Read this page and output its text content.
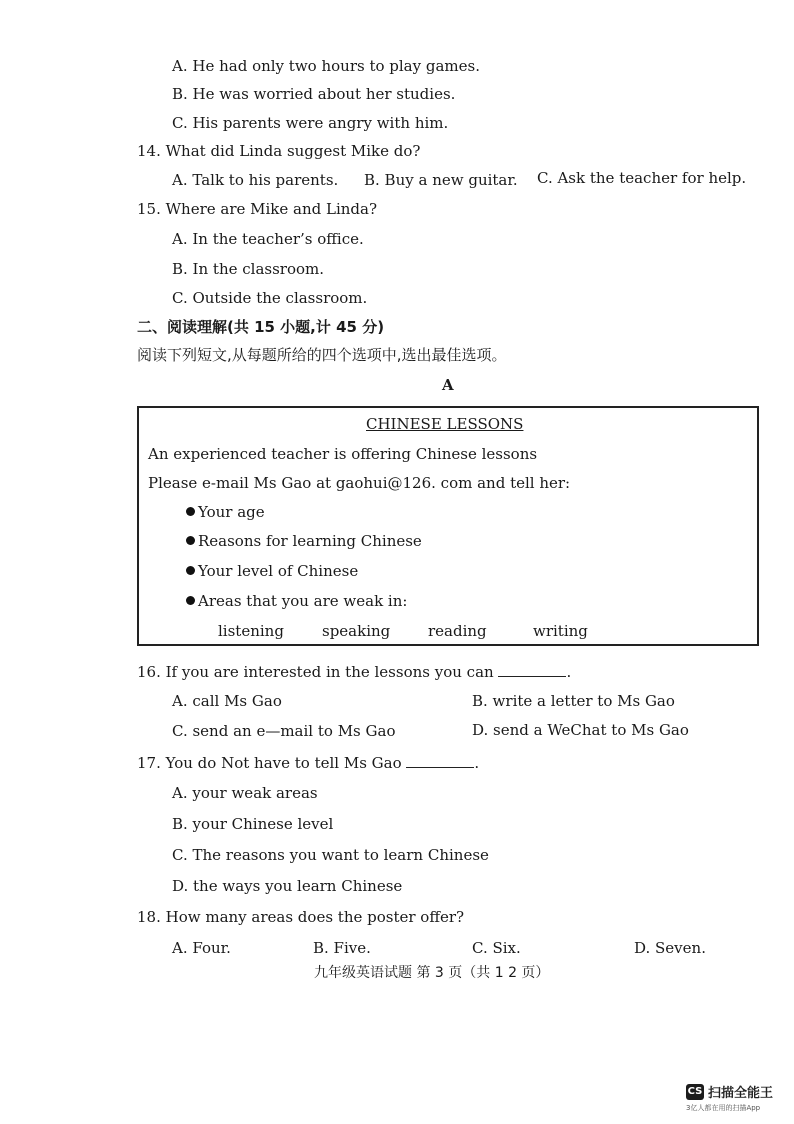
A. He had only two hours to play games.
B. He was worried about her studies.
C. His parents were angry with him.
14. What did Linda suggest Mike do?
A. Talk to his parents. B. Buy a new guitar. C. Ask the teacher for help.
15. Where are Mike and Linda?
A. In the teacher’s office.
B. In the classroom.
C. Outside the classroom.
二、阅读理解(共 15 小题,计 45 分)
阅读下列短文,从每题所给的四个选项中,选出最佳选项。
A
CHINESE LESSONS
An experienced teacher is offering Chinese lessons
Please e-mail Ms Gao at gaohui@126. com and tell her:
Your age
Reasons for learning Chinese
Your level of Chinese
Areas that you are weak in:
listening	speaking	reading	writing
16. If you are interested in the lessons you can	.
A. call Ms Gao	B. write a letter to Ms Gao
C. send an e—mail to Ms Gao	D. send a WeChat to Ms Gao
17. You do Not have to tell Ms Gao	.
A. your weak areas
B. your Chinese level
C. The reasons you want to learn Chinese
D. the ways you learn Chinese
18. How many areas does the poster offer?
A. Four.	B. Five.	C. Six.	D. Seven.
九年级英语试题 第 3 页（共 1 2 页）
CS 扫描全能王
3亿人都在用的扫描App
